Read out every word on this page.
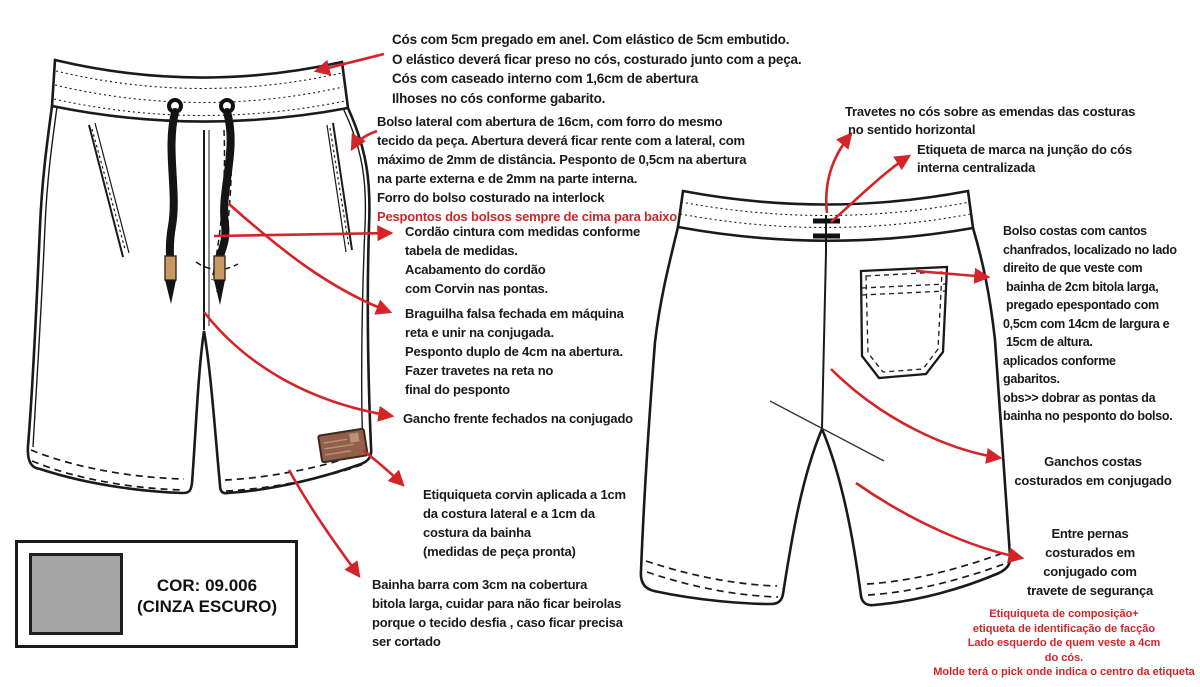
Cós com 5cm pregado em anel. Com elástico de 5cm embutido.
O elástico deverá ficar preso no cós, costurado junto com a peça.
Cós com caseado interno com 1,6cm de abertura
Ilhoses no cós conforme gabarito.
Bolso lateral com abertura de 16cm, com forro do mesmo
tecido da peça. Abertura deverá ficar rente com a lateral, com
máximo de 2mm de distância. Pesponto de 0,5cm na abertura
na parte externa e de 2mm na parte interna.
Forro do bolso costurado na interlock
Pespontos dos bolsos sempre de cima para baixo
Cordão cintura com medidas conforme
tabela de medidas.
Acabamento do cordão
com Corvin nas pontas.
Braguilha falsa fechada em máquina
reta e unir na conjugada.
Pesponto duplo de 4cm na abertura.
Fazer travetes na reta no
final do pesponto
Gancho frente fechados na conjugado
Etiquiqueta corvin aplicada a 1cm
da costura lateral e a 1cm da
costura da bainha
(medidas de peça pronta)
Bainha barra com 3cm na cobertura
bitola larga, cuidar para não ficar beirolas
porque o tecido desfia , caso ficar precisa
ser cortado
Travetes no cós sobre as emendas das costuras
no sentido horizontal
Etiqueta de marca na junção do cós
interna centralizada
Bolso costas com cantos
chanfrados, localizado no lado
direito de que veste com
bainha de 2cm bitola larga,
pregado epespontado com
0,5cm com 14cm de largura e
15cm de altura.
aplicados conforme
gabaritos.
obs>> dobrar as pontas da
bainha no pesponto do bolso.
Ganchos costas
costurados em conjugado
Entre pernas
costurados em
conjugado com
travete de segurança
Etiquiqueta de composição+
etiqueta de identificação de facção
Lado esquerdo de quem veste a 4cm
do cós.
Molde terá o pick onde indica o centro da etiqueta
COR: 09.006
(CINZA ESCURO)
